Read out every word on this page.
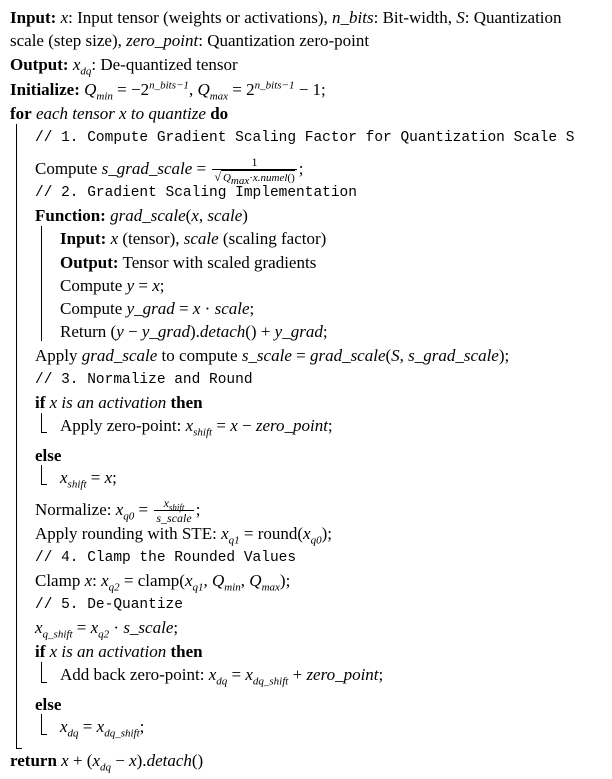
Input: x: Input tensor (weights or activations), n_bits: Bit-width, S: Quantization
scale (step size), zero_point: Quantization zero-point
Output: $x_{dq}$: De-quantized tensor
Initialize: $Q_{min} = -2^{n\_bits-1}$, $Q_{max} = 2^{n\_bits-1} - 1$;
for each tensor x to quantize do
// 1. Compute Gradient Scaling Factor for Quantization Scale S
Compute s_grad_scale = $\frac{1}{√ Q_{max}\cdot x.numel()}$ ;
// 2. Gradient Scaling Implementation
Function: grad_scale(x, scale)
Input: x (tensor), scale (scaling factor)
Output: Tensor with scaled gradients
Compute y = x;
Compute y_grad = x · scale;
Return (y − y_grad).detach() + y_grad;
Apply grad_scale to compute s_scale = grad_scale(S, s_grad_scale);
// 3. Normalize and Round
if x is an activation then
Apply zero-point: $x_{shift} = x$ − zero_point;
else
$x_{shift} = x$;
Normalize: $x_{q0} = \frac{x_{shift}}{\text{s\_scale}}$ ;
Apply rounding with STE: $x_{q1}$ = $round(x_{q0})$;
// 4. Clamp the Rounded Values
Clamp x: $x_{q2}$ = $clamp(x_{q1}$, $Q_{min}$, $Q_{max}$);
// 5. De-Quantize
$x_{q\_shift} = x_{q2}$ · s_scale;
if x is an activation then
Add back zero-point: $x_{dq} = x_{dq\_shift}$ + zero_point;
else
$x_{dq} = x_{dq\_shift}$;
return $x + (x_{dq}$ − x).detach()
